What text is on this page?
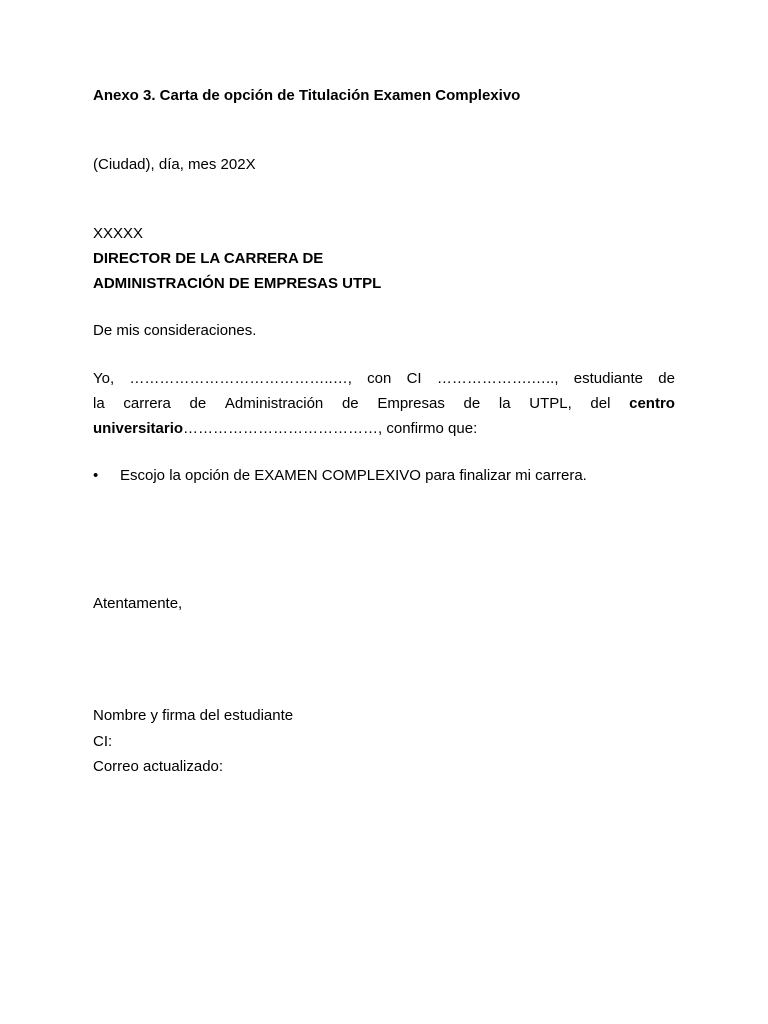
Anexo 3. Carta de opción de Titulación Examen Complexivo
(Ciudad), día, mes 202X
XXXXX
DIRECTOR DE LA CARRERA DE
ADMINISTRACIÓN DE EMPRESAS UTPL
De mis consideraciones.
Yo, …………………………………..…, con CI ……………….….., estudiante de
la carrera de Administración de Empresas de la UTPL, del centro
universitario…………………………………, confirmo que:
• Escojo la opción de EXAMEN COMPLEXIVO para finalizar mi carrera.
Atentamente,
Nombre y firma del estudiante
CI:
Correo actualizado:
